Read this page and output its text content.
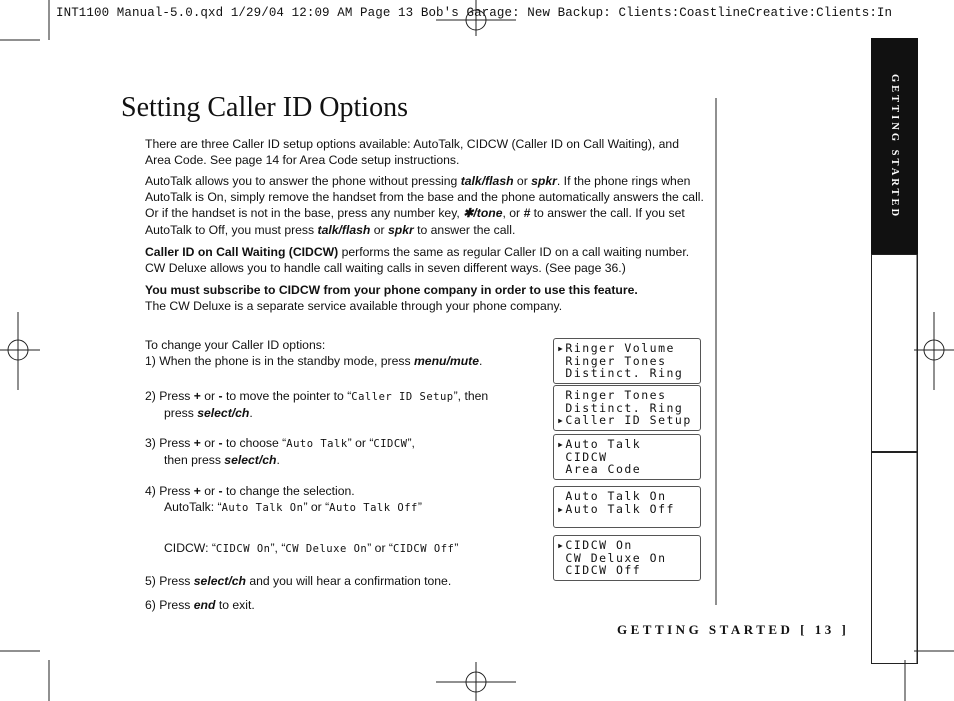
INT1100 Manual-5.0.qxd 1/29/04 12:09 AM Page 13 Bob's Garage: New Backup: Clients:CoastlineCreative:Clients:In
Setting Caller ID Options
There are three Caller ID setup options available: AutoTalk, CIDCW (Caller ID on Call Waiting), and Area Code. See page 14 for Area Code setup instructions.
AutoTalk allows you to answer the phone without pressing talk/flash or spkr. If the phone rings when AutoTalk is On, simply remove the handset from the base and the phone automatically answers the call. Or if the handset is not in the base, press any number key, ✱/tone, or # to answer the call. If you set AutoTalk to Off, you must press talk/flash or spkr to answer the call.
Caller ID on Call Waiting (CIDCW) performs the same as regular Caller ID on a call waiting number. CW Deluxe allows you to handle call waiting calls in seven different ways. (See page 36.)
You must subscribe to CIDCW from your phone company in order to use this feature.
The CW Deluxe is a separate service available through your phone company.
To change your Caller ID options:
1) When the phone is in the standby mode, press menu/mute.
2) Press + or - to move the pointer to “Caller ID Setup”, then
press select/ch.
3) Press + or - to choose “Auto Talk” or “CIDCW”,
then press select/ch.
4) Press + or - to change the selection.
AutoTalk: “Auto Talk On” or “Auto Talk Off”
CIDCW: “CIDCW On”, “CW Deluxe On” or “CIDCW Off”
5) Press select/ch and you will hear a confirmation tone.
6) Press end to exit.
▸Ringer Volume
Ringer Tones
Distinct. Ring
Ringer Tones
Distinct. Ring
▸Caller ID Setup
▸Auto Talk
CIDCW
Area Code
Auto Talk On
▸Auto Talk Off
▸CIDCW On
CW Deluxe On
CIDCW Off
GETTING STARTED
GETTING STARTED [ 13 ]
